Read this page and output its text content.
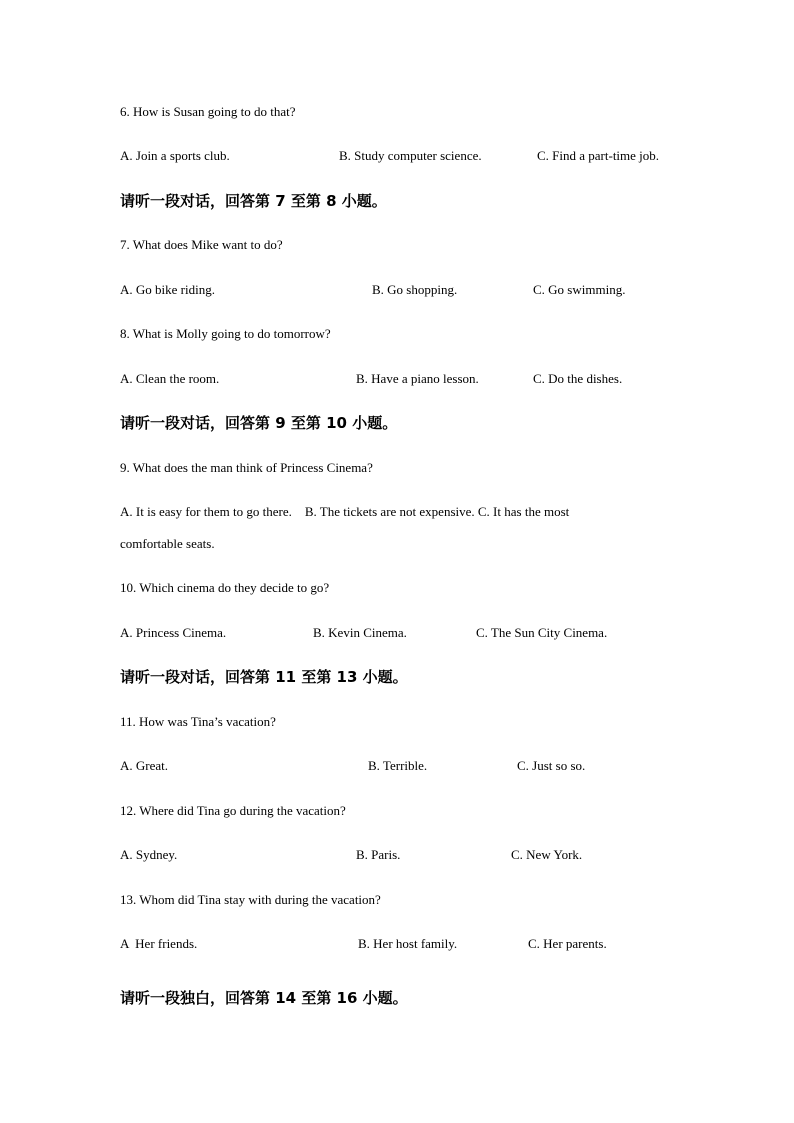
6. How is Susan going to do that?
A. Join a sports club.	B. Study computer science.	C. Find a part-time job.
请听一段对话，回答第 7 至第 8 小题。
7. What does Mike want to do?
A. Go bike riding.	B. Go shopping.	C. Go swimming.
8. What is Molly going to do tomorrow?
A. Clean the room.	B. Have a piano lesson.	C. Do the dishes.
请听一段对话，回答第 9 至第 10 小题。
9. What does the man think of Princess Cinema?
A. It is easy for them to go there.    B. The tickets are not expensive. C. It has the most
comfortable seats.
10. Which cinema do they decide to go?
A. Princess Cinema.	B. Kevin Cinema.	C. The Sun City Cinema.
请听一段对话，回答第 11 至第 13 小题。
11. How was Tina’s vacation?
A. Great.	B. Terrible.	C. Just so so.
12. Where did Tina go during the vacation?
A. Sydney.	B. Paris.	C. New York.
13. Whom did Tina stay with during the vacation?
A  Her friends.	B. Her host family.	C. Her parents.
请听一段独白，回答第 14 至第 16 小题。
